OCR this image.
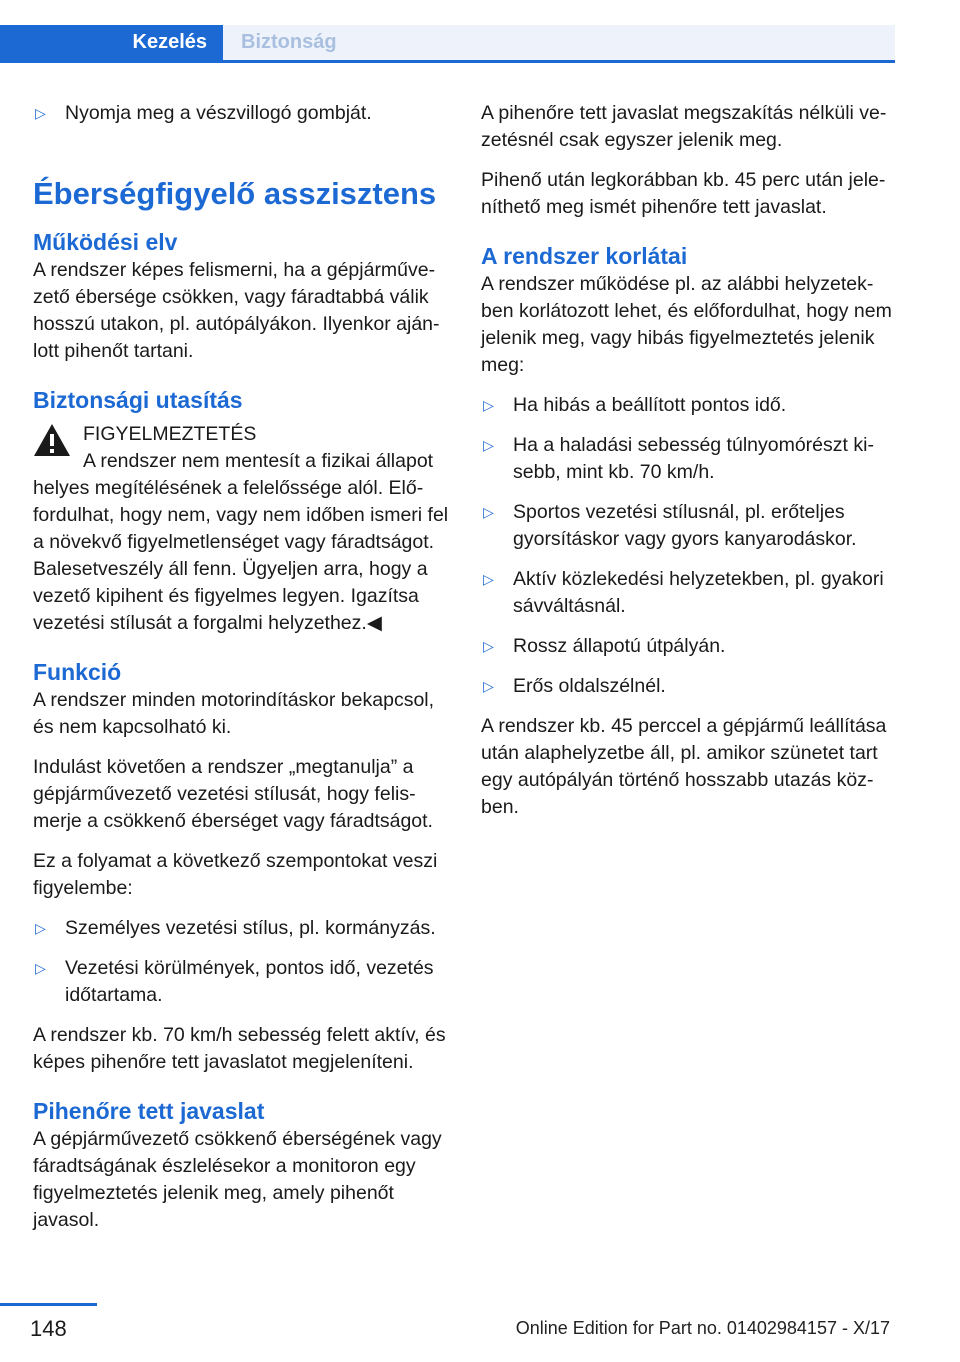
Kezelés	Biztonság
▷ Nyomja meg a vészvillogó gombját.
Éberségfigyelő asszisztens
Működési elv

A rendszer képes felismerni, ha a gépjárművezető ébersége csökken, vagy fáradtabbá válik hosszú utakon, pl. autópályákon. Ilyenkor ajánlott pihenőt tartani.

Biztonsági utasítás
FIGYELMEZTETÉS

A rendszer nem mentesít a fizikai állapot helyes megítélésének a felelőssége alól. Előfordulhat, hogy nem, vagy nem időben ismeri fel a növekvő figyelmetlenséget vagy fáradtságot. Balesetveszély áll fenn. Ügyeljen arra, hogy a vezető kipihent és figyelmes legyen. Igazítsa vezetési stílusát a forgalmi helyzethez.◀

Funkció

A rendszer minden motorindításkor bekapcsol, és nem kapcsolható ki.

Indulást követően a rendszer „megtanulja” a gépjárművezető vezetési stílusát, hogy felismerje a csökkenő éberséget vagy fáradtságot.

Ez a folyamat a következő szempontokat veszi figyelembe:

▷ Személyes vezetési stílus, pl. kormányzás.
▷ Vezetési körülmények, pontos idő, vezetés időtartama.

A rendszer kb. 70 km/h sebesség felett aktív, és képes pihenőre tett javaslatot megjeleníteni.

Pihenőre tett javaslat

A gépjárművezető csökkenő éberségének vagy fáradtságának észlelésekor a monitoron egy figyelmeztetés jelenik meg, amely pihenőt javasol.

A pihenőre tett javaslat megszakítás nélküli vezetésnél csak egyszer jelenik meg.

Pihenő után legkorábban kb. 45 perc után jeleníthető meg ismét pihenőre tett javaslat.

A rendszer korlátai

A rendszer működése pl. az alábbi helyzetekben korlátozott lehet, és előfordulhat, hogy nem jelenik meg, vagy hibás figyelmeztetés jelenik meg:

▷ Ha hibás a beállított pontos idő.
▷ Ha a haladási sebesség túlnyomórészt kisebb, mint kb. 70 km/h.
▷ Sportos vezetési stílusnál, pl. erőteljes gyorsításkor vagy gyors kanyarodáskor.
▷ Aktív közlekedési helyzetekben, pl. gyakori sávváltásnál.
▷ Rossz állapotú útpályán.
▷ Erős oldalszélnél.

A rendszer kb. 45 perccel a gépjármű leállítása után alaphelyzetbe áll, pl. amikor szünetet tart egy autópályán történő hosszabb utazás közben.

148	Online Edition for Part no. 01402984157 - X/17
